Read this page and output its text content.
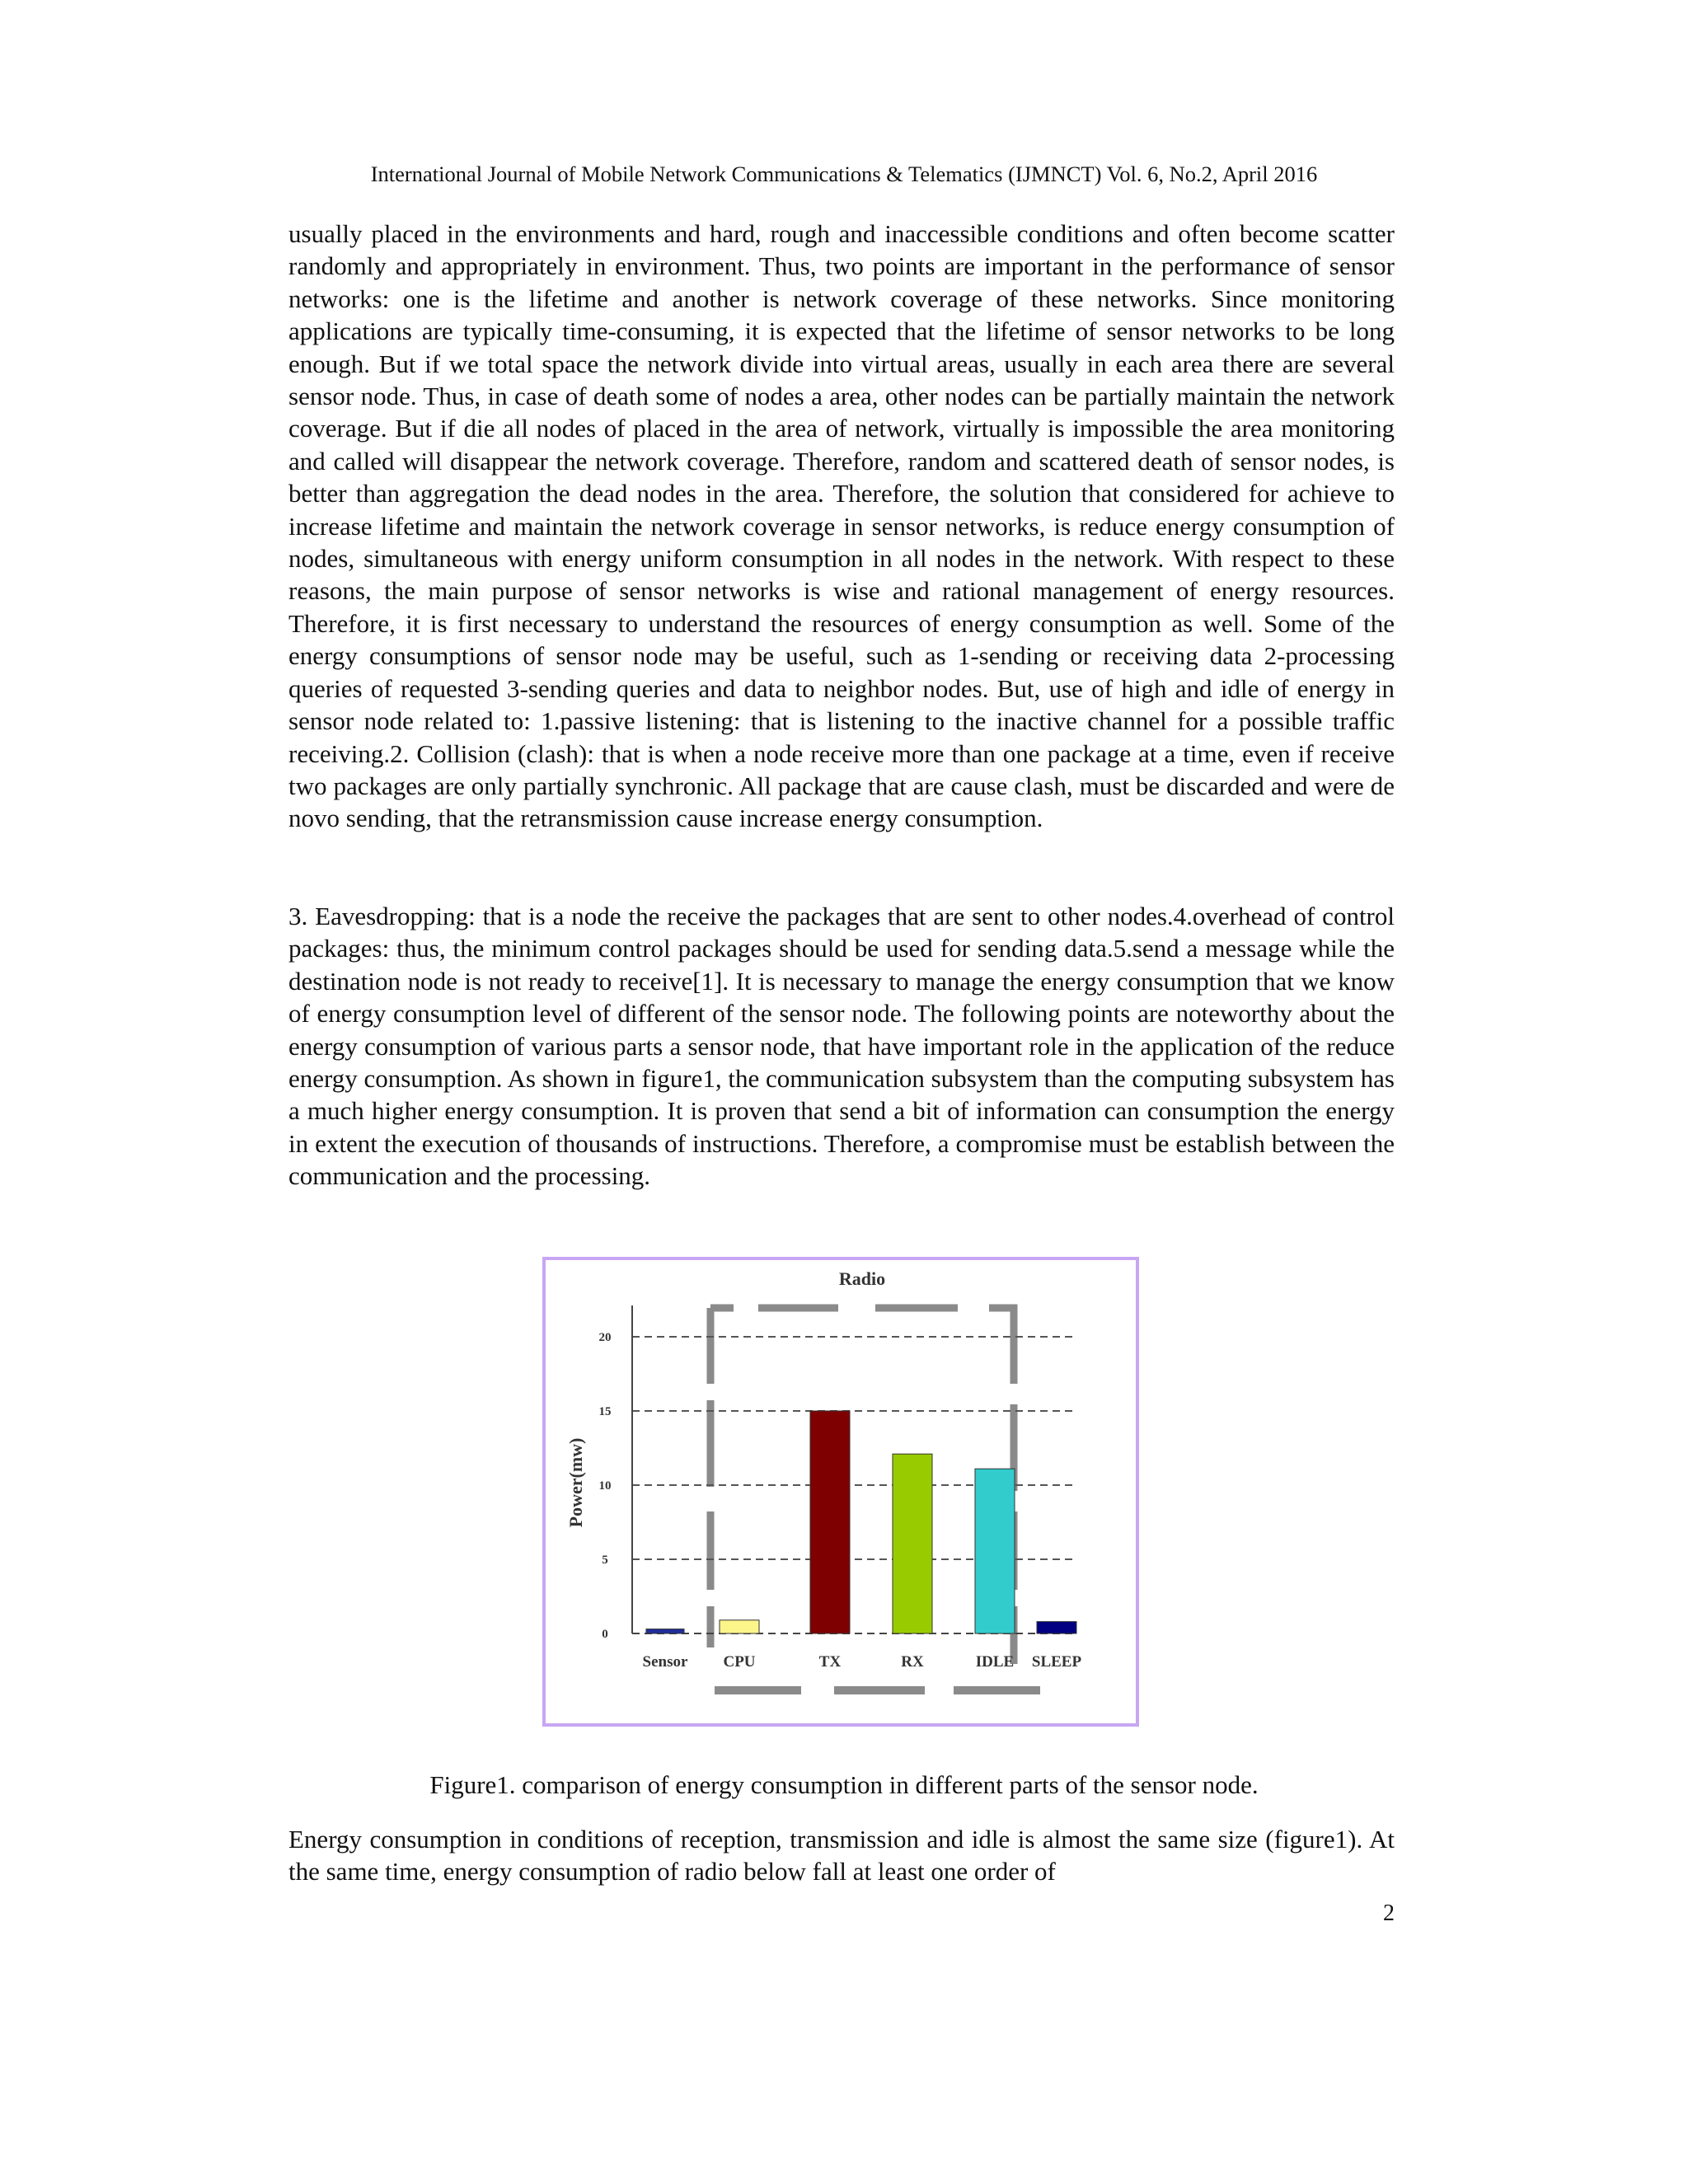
International Journal of Mobile Network Communications & Telematics (IJMNCT) Vol. 6, No.2, April 2016

usually placed in the environments and hard, rough and inaccessible conditions and often become scatter randomly and appropriately in environment. Thus, two points are important in the performance of sensor networks: one is the lifetime and another is network coverage of these networks. Since monitoring applications are typically time-consuming, it is expected that the lifetime of sensor networks to be long enough. But if we total space the network divide into virtual areas, usually in each area there are several sensor node. Thus, in case of death some of nodes a area, other nodes can be partially maintain the network coverage. But if die all nodes of placed in the area of network, virtually is impossible the area monitoring and called will disappear the network coverage. Therefore, random and scattered death of sensor nodes, is better than aggregation the dead nodes in the area. Therefore, the solution that considered for achieve to increase lifetime and maintain the network coverage in sensor networks, is reduce energy consumption of nodes, simultaneous with energy uniform consumption in all nodes in the network. With respect to these reasons, the main purpose of sensor networks is wise and rational management of energy resources. Therefore, it is first necessary to understand the resources of energy consumption as well. Some of the energy consumptions of sensor node may be useful, such as 1-sending or receiving data 2-processing queries of requested 3-sending queries and data to neighbor nodes. But, use of high and idle of energy in sensor node related to: 1.passive listening: that is listening to the inactive channel for a possible traffic receiving.2. Collision (clash): that is when a node receive more than one package at a time, even if receive two packages are only partially synchronic. All package that are cause clash, must be discarded and were de novo sending, that the retransmission cause increase energy consumption.

3. Eavesdropping: that is a node the receive the packages that are sent to other nodes.4.overhead of control packages: thus, the minimum control packages should be used for sending data.5.send a message while the destination node is not ready to receive[1]. It is necessary to manage the energy consumption that we know of energy consumption level of different of the sensor node. The following points are noteworthy about the energy consumption of various parts a sensor node, that have important role in the application of the reduce energy consumption. As shown in figure1, the communication subsystem than the computing subsystem has a much higher energy consumption. It is proven that send a bit of information can consumption the energy in extent the execution of thousands of instructions. Therefore, a compromise must be establish between the communication and the processing.

Radio
0
5
10
15
20
Power(mw)
Sensor CPU	TX	RX	IDLE SLEEP
Figure1. comparison of energy consumption in different parts of the sensor node.

Energy consumption in conditions of reception, transmission and idle is almost the same size (figure1). At the same time, energy consumption of radio below fall at least one order of

2
